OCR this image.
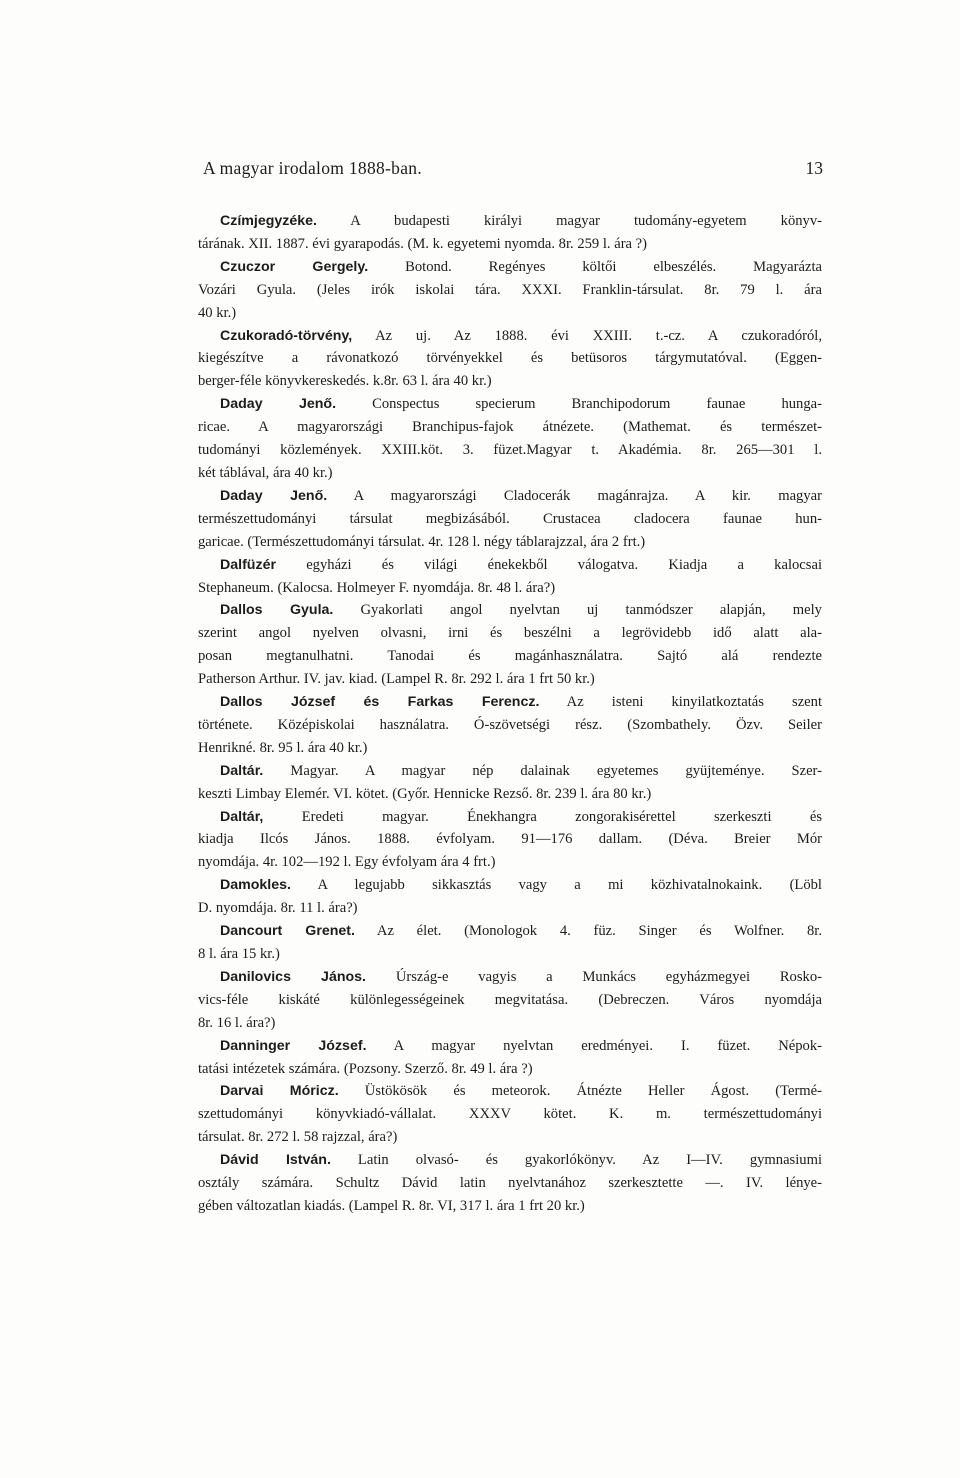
A magyar irodalom 1888-ban.	13
Czímjegyzéke. A budapesti királyi magyar tudomány-egyetem könyv-
tárának. XII. 1887. évi gyarapodás. (M. k. egyetemi nyomda. 8r. 259 l. ára ?)
Czuczor Gergely. Botond. Regényes költői elbeszélés. Magyarázta
Vozári Gyula. (Jeles irók iskolai tára. XXXI. Franklin-társulat. 8r. 79 l. ára
40 kr.)
Czukoradó-törvény, Az uj. Az 1888. évi XXIII. t.-cz. A czukoradóról,
kiegészítve a rávonatkozó törvényekkel és betüsoros tárgymutatóval. (Eggen-
berger-féle könyvkereskedés. k.8r. 63 l. ára 40 kr.)
Daday Jenő. Conspectus specierum Branchipodorum faunae hunga-
ricae. A magyarországi Branchipus-fajok átnézete. (Mathemat. és természet-
tudományi közlemények. XXIII.köt. 3. füzet.Magyar t. Akadémia. 8r. 265—301 l.
két táblával, ára 40 kr.)
Daday Jenő. A magyarországi Cladocerák magánrajza. A kir. magyar
természettudományi társulat megbizásából. Crustacea cladocera faunae hun-
garicae. (Természettudományi társulat. 4r. 128 l. négy táblarajzzal, ára 2 frt.)
Dalfüzér egyházi és világi énekekből válogatva. Kiadja a kalocsai
Stephaneum. (Kalocsa. Holmeyer F. nyomdája. 8r. 48 l. ára?)
Dallos Gyula. Gyakorlati angol nyelvtan uj tanmódszer alapján, mely
szerint angol nyelven olvasni, irni és beszélni a legrövidebb idő alatt ala-
posan megtanulhatni. Tanodai és magánhasználatra. Sajtó alá rendezte
Patherson Arthur. IV. jav. kiad. (Lampel R. 8r. 292 l. ára 1 frt 50 kr.)
Dallos József és Farkas Ferencz. Az isteni kinyilatkoztatás szent
története. Középiskolai használatra. Ó-szövetségi rész. (Szombathely. Özv. Seiler
Henrikné. 8r. 95 l. ára 40 kr.)
Daltár. Magyar. A magyar nép dalainak egyetemes gyüjteménye. Szer-
keszti Limbay Elemér. VI. kötet. (Győr. Hennicke Rezső. 8r. 239 l. ára 80 kr.)
Daltár, Eredeti magyar. Énekhangra zongorakisérettel szerkeszti és
kiadja Ilcós János. 1888. évfolyam. 91—176 dallam. (Déva. Breier Mór
nyomdája. 4r. 102—192 l. Egy évfolyam ára 4 frt.)
Damokles. A legujabb sikkasztás vagy a mi közhivatalnokaink. (Löbl
D. nyomdája. 8r. 11 l. ára?)
Dancourt Grenet. Az élet. (Monologok 4. füz. Singer és Wolfner. 8r.
8 l. ára 15 kr.)
Danilovics János. Úrszág-e vagyis a Munkács egyházmegyei Rosko-
vics-féle kiskáté különlegességeinek megvitatása. (Debreczen. Város nyomdája
8r. 16 l. ára?)
Danninger József. A magyar nyelvtan eredményei. I. füzet. Népok-
tatási intézetek számára. (Pozsony. Szerző. 8r. 49 l. ára ?)
Darvai Móricz. Üstökösök és meteorok. Átnézte Heller Ágost. (Termé-
szettudományi könyvkiadó-vállalat. XXXV kötet. K. m. természettudományi
társulat. 8r. 272 l. 58 rajzzal, ára?)
Dávid István. Latin olvasó- és gyakorlókönyv. Az I—IV. gymnasiumi
osztály számára. Schultz Dávid latin nyelvtanához szerkesztette —. IV. lénye-
gében változatlan kiadás. (Lampel R. 8r. VI, 317 l. ára 1 frt 20 kr.)
